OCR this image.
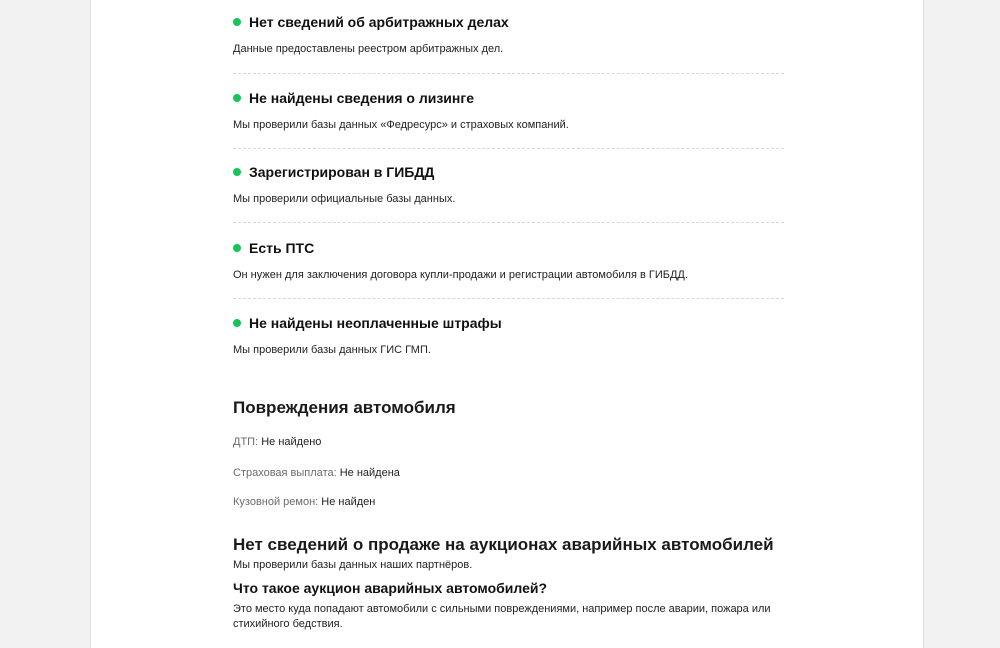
Нет сведений об арбитражных делах
Данные предоставлены реестром арбитражных дел.
Не найдены сведения о лизинге
Мы проверили базы данных «Федресурс» и страховых компаний.
Зарегистрирован в ГИБДД
Мы проверили официальные базы данных.
Есть ПТС
Он нужен для заключения договора купли-продажи и регистрации автомобиля в ГИБДД.
Не найдены неоплаченные штрафы
Мы проверили базы данных ГИС ГМП.
Повреждения автомобиля
ДТП: Не найдено
Страховая выплата: Не найдена
Кузовной ремон: Не найден
Нет сведений о продаже на аукционах аварийных автомобилей
Мы проверили базы данных наших партнёров.
Что такое аукцион аварийных автомобилей?
Это место куда попадают автомобили с сильными повреждениями, например после аварии, пожара или стихийного бедствия.
